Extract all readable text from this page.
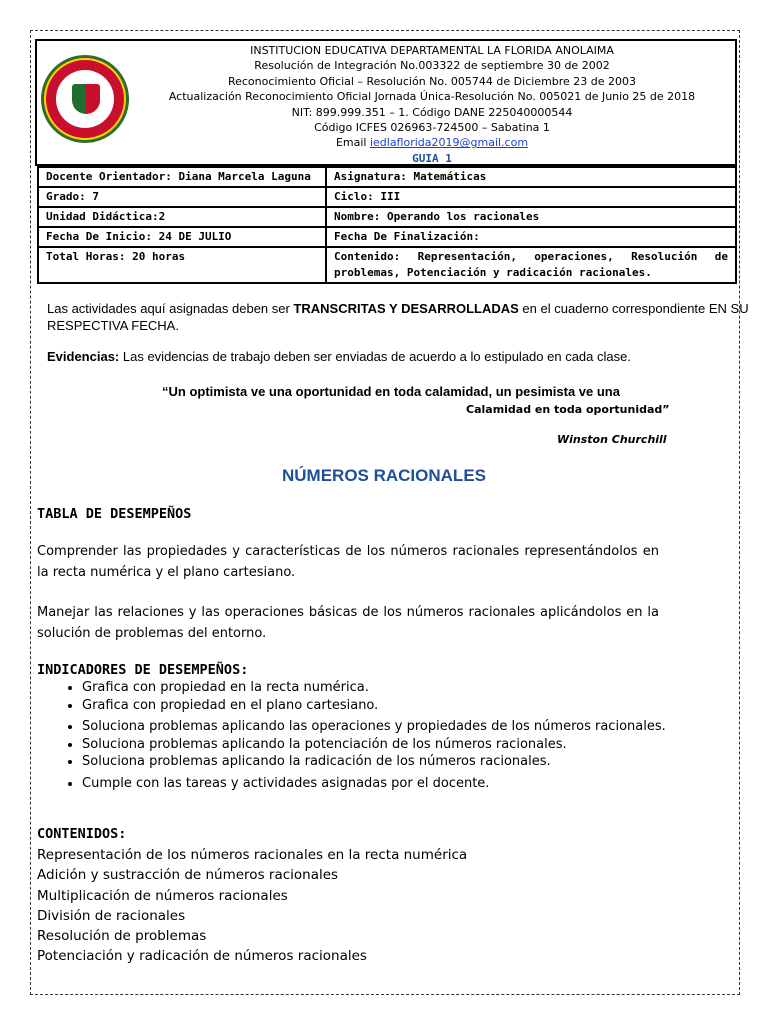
INSTITUCION EDUCATIVA DEPARTAMENTAL LA FLORIDA ANOLAIMA
Resolución de Integración No.003322 de septiembre 30 de 2002
Reconocimiento Oficial – Resolución No. 005744 de Diciembre 23 de 2003
Actualización Reconocimiento Oficial Jornada Única-Resolución No. 005021 de Junio 25 de 2018
NIT: 899.999.351 – 1. Código DANE 225040000544
Código ICFES 026963-724500 – Sabatina 1
Email iedlaflorida2019@gmail.com
GUIA 1
Docente Orientador: Diana Marcela Laguna	Asignatura: Matemáticas
Grado: 7	Ciclo: III
Unidad Didáctica:2	Nombre: Operando los racionales
Fecha De Inicio: 24 DE JULIO	Fecha De Finalización:
Total Horas: 20 horas	Contenido: Representación, operaciones, Resolución de problemas, Potenciación y radicación racionales.
Las actividades aquí asignadas deben ser TRANSCRITAS Y DESARROLLADAS en el cuaderno correspondiente EN SU RESPECTIVA FECHA.
Evidencias: Las evidencias de trabajo deben ser enviadas de acuerdo a lo estipulado en cada clase.
“Un optimista ve una oportunidad en toda calamidad, un pesimista ve una
Calamidad en toda oportunidad”
Winston Churchill
NÚMEROS RACIONALES
TABLA DE DESEMPEÑOS
Comprender las propiedades y características de los números racionales representándolos en la recta numérica y el plano cartesiano.
Manejar las relaciones y las operaciones básicas de los números racionales aplicándolos en la solución de problemas del entorno.
INDICADORES DE DESEMPEÑOS:
• Grafica con propiedad en la recta numérica.
• Grafica con propiedad en el plano cartesiano.
• Soluciona problemas aplicando las operaciones y propiedades de los números racionales.
• Soluciona problemas aplicando la potenciación de los números racionales.
• Soluciona problemas aplicando la radicación de los números racionales.
• Cumple con las tareas y actividades asignadas por el docente.
CONTENIDOS:
Representación de los números racionales en la recta numérica
Adición y sustracción de números racionales
Multiplicación de números racionales
División de racionales
Resolución de problemas
Potenciación y radicación de números racionales
